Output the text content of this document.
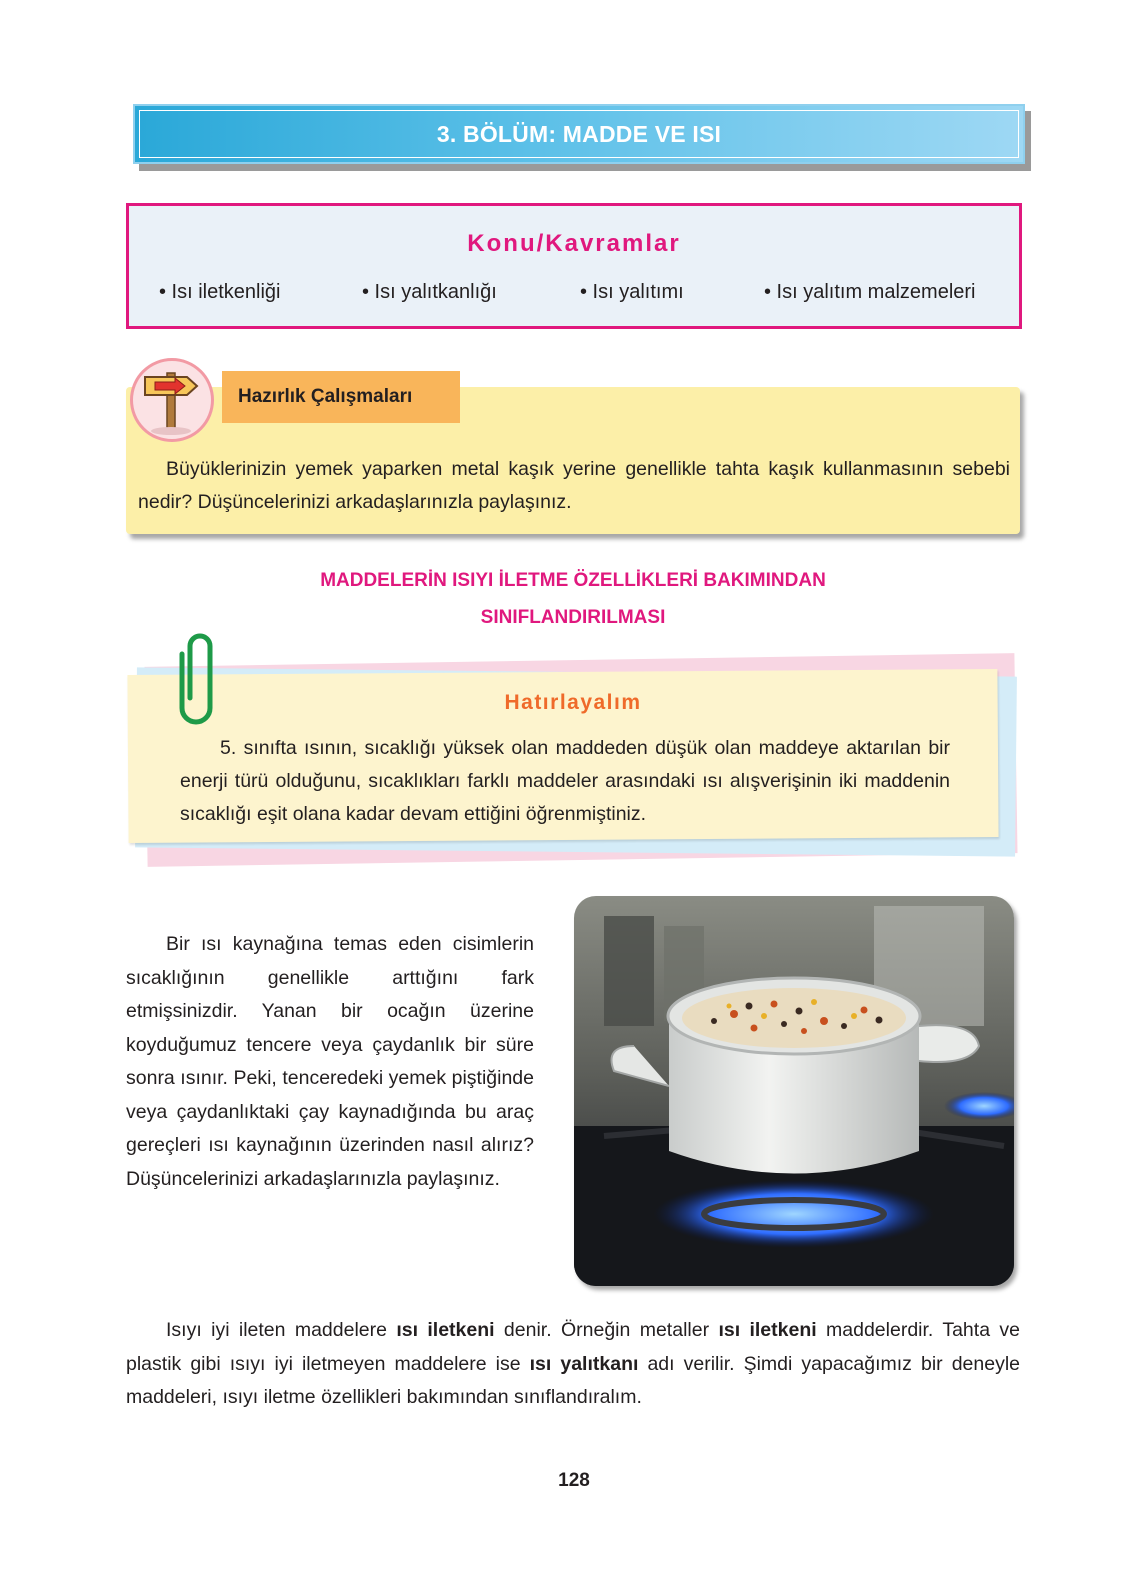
3. BÖLÜM: MADDE VE ISI
Konu/Kavramlar
• Isı iletkenliği	• Isı yalıtkanlığı	• Isı yalıtımı	• Isı yalıtım malzemeleri
Hazırlık Çalışmaları
Büyüklerinizin yemek yaparken metal kaşık yerine genellikle tahta kaşık kullanmasının sebebi nedir? Düşüncelerinizi arkadaşlarınızla paylaşınız.
MADDELERİN ISIYI İLETME ÖZELLİKLERİ BAKIMINDAN
SINIFLANDIRILMASI
Hatırlayalım
5. sınıfta ısının, sıcaklığı yüksek olan maddeden düşük olan maddeye aktarılan bir enerji türü olduğunu, sıcaklıkları farklı maddeler arasındaki ısı alışverişinin iki maddenin sıcaklığı eşit olana kadar devam ettiğini öğrenmiştiniz.
Bir ısı kaynağına temas eden cisimlerin sıcaklığının genellikle arttığını fark etmişsinizdir. Yanan bir ocağın üzerine koyduğumuz tencere veya çaydanlık bir süre sonra ısınır. Peki, tenceredeki yemek piştiğinde veya çaydanlıktaki çay kaynadığında bu araç gereçleri ısı kaynağının üzerinden nasıl alırız? Düşüncelerinizi arkadaşlarınızla paylaşınız.
Isıyı iyi ileten maddelere ısı iletkeni denir. Örneğin metaller ısı iletkeni maddelerdir. Tahta ve plastik gibi ısıyı iyi iletmeyen maddelere ise ısı yalıtkanı adı verilir. Şimdi yapacağımız bir deneyle maddeleri, ısıyı iletme özellikleri bakımından sınıflandıralım.
128
